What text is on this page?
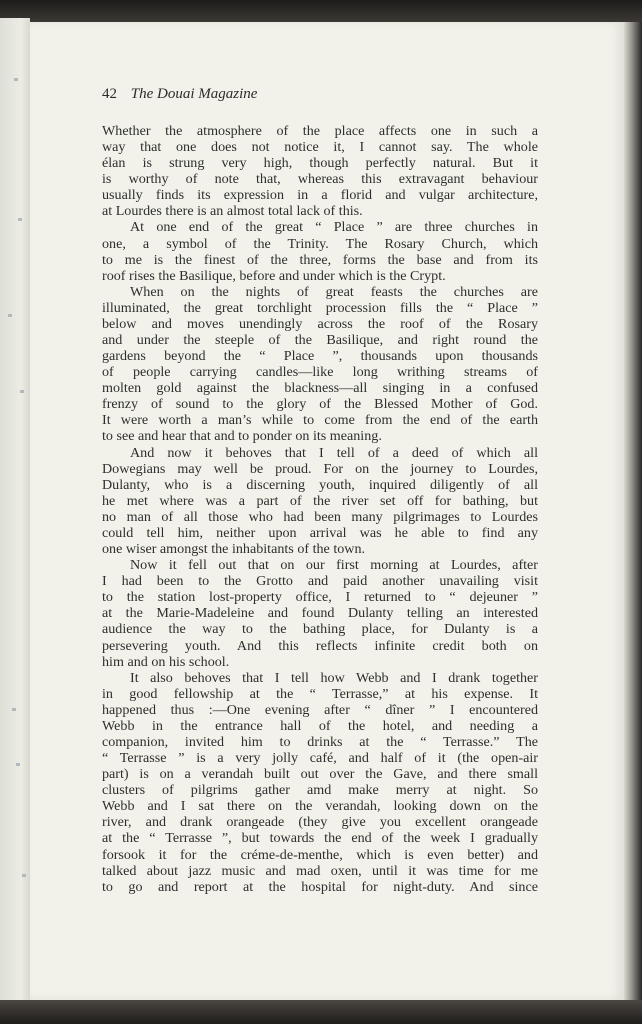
42 The Douai Magazine
Whether the atmosphere of the place affects one in such a
way that one does not notice it, I cannot say. The whole
élan is strung very high, though perfectly natural. But it
is worthy of note that, whereas this extravagant behaviour
usually finds its expression in a florid and vulgar architecture,
at Lourdes there is an almost total lack of this.
At one end of the great “ Place ” are three churches in
one, a symbol of the Trinity. The Rosary Church, which
to me is the finest of the three, forms the base and from its
roof rises the Basilique, before and under which is the Crypt.
When on the nights of great feasts the churches are
illuminated, the great torchlight procession fills the “ Place ”
below and moves unendingly across the roof of the Rosary
and under the steeple of the Basilique, and right round the
gardens beyond the “ Place ”, thousands upon thousands
of people carrying candles—like long writhing streams of
molten gold against the blackness—all singing in a confused
frenzy of sound to the glory of the Blessed Mother of God.
It were worth a man’s while to come from the end of the earth
to see and hear that and to ponder on its meaning.
And now it behoves that I tell of a deed of which all
Dowegians may well be proud. For on the journey to Lourdes,
Dulanty, who is a discerning youth, inquired diligently of all
he met where was a part of the river set off for bathing, but
no man of all those who had been many pilgrimages to Lourdes
could tell him, neither upon arrival was he able to find any
one wiser amongst the inhabitants of the town.
Now it fell out that on our first morning at Lourdes, after
I had been to the Grotto and paid another unavailing visit
to the station lost-property office, I returned to “ dejeuner ”
at the Marie-Madeleine and found Dulanty telling an interested
audience the way to the bathing place, for Dulanty is a
persevering youth. And this reflects infinite credit both on
him and on his school.
It also behoves that I tell how Webb and I drank together
in good fellowship at the “ Terrasse,” at his expense. It
happened thus :—One evening after “ dîner ” I encountered
Webb in the entrance hall of the hotel, and needing a
companion, invited him to drinks at the “ Terrasse.” The
“ Terrasse ” is a very jolly café, and half of it (the open-air
part) is on a verandah built out over the Gave, and there small
clusters of pilgrims gather amd make merry at night. So
Webb and I sat there on the verandah, looking down on the
river, and drank orangeade (they give you excellent orangeade
at the “ Terrasse ”, but towards the end of the week I gradually
forsook it for the créme-de-menthe, which is even better) and
talked about jazz music and mad oxen, until it was time for me
to go and report at the hospital for night-duty. And since
